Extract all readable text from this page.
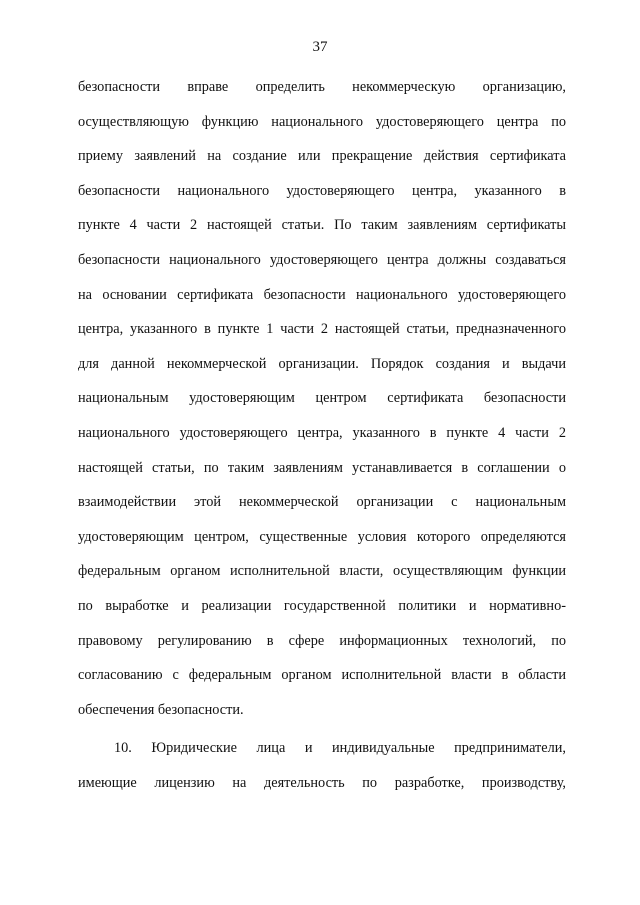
37
безопасности вправе определить некоммерческую организацию,
осуществляющую функцию национального удостоверяющего центра по
приему заявлений на создание или прекращение действия сертификата
безопасности национального удостоверяющего центра, указанного в
пункте 4 части 2 настоящей статьи. По таким заявлениям сертификаты
безопасности национального удостоверяющего центра должны создаваться
на основании сертификата безопасности национального удостоверяющего
центра, указанного в пункте 1 части 2 настоящей статьи, предназначенного
для данной некоммерческой организации. Порядок создания и выдачи
национальным удостоверяющим центром сертификата безопасности
национального удостоверяющего центра, указанного в пункте 4 части 2
настоящей статьи, по таким заявлениям устанавливается в соглашении о
взаимодействии этой некоммерческой организации с национальным
удостоверяющим центром, существенные условия которого определяются
федеральным органом исполнительной власти, осуществляющим функции
по выработке и реализации государственной политики и нормативно-
правовому регулированию в сфере информационных технологий, по
согласованию с федеральным органом исполнительной власти в области
обеспечения безопасности.
10. Юридические лица и индивидуальные предприниматели,
имеющие лицензию на деятельность по разработке, производству,
